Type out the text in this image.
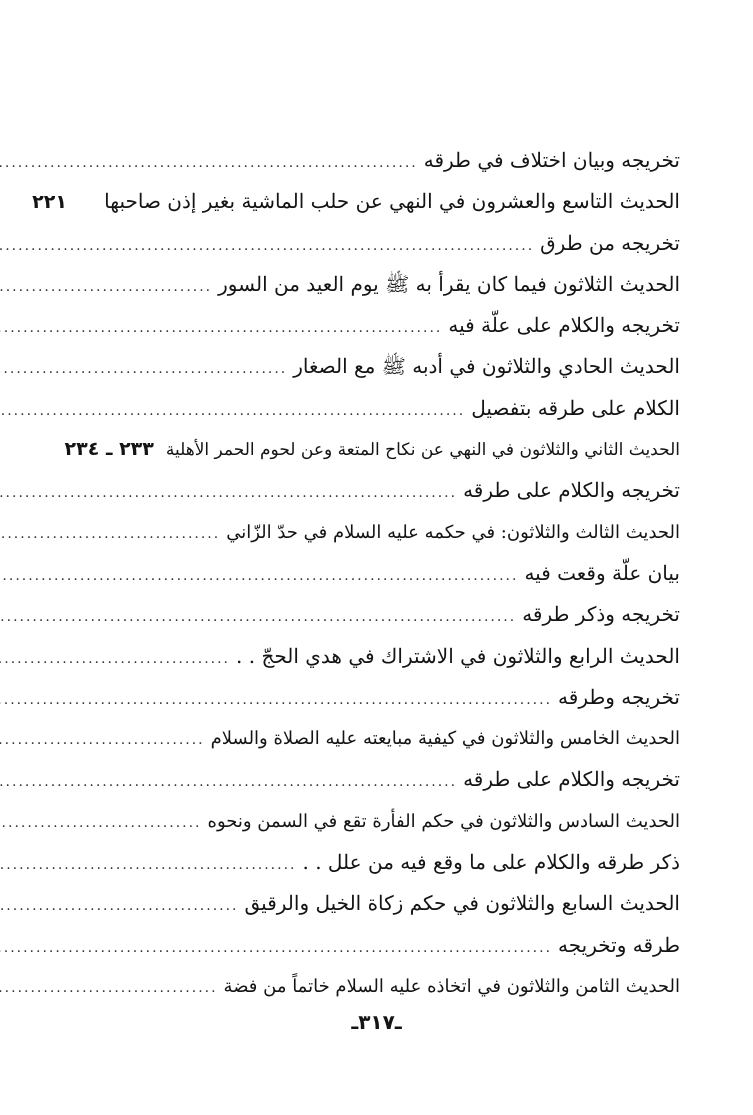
تخريجه وبيان اختلاف في طرقه
.....
الحديث التاسع والعشرون في النهي عن حلب الماشية بغير إذن صاحبها
٢٢١
تخريجه من طرق
.....
الحديث الثلاثون فيما كان يقرأ به ﷺ يوم العيد من السور
.....
تخريجه والكلام على علّة فيه
.....
الحديث الحادي والثلاثون في أدبه ﷺ مع الصغار
.....
الكلام على طرقه بتفصيل
.....
الحديث الثاني والثلاثون في النهي عن نكاح المتعة وعن لحوم الحمر الأهلية
٢٣٣ ـ ٢٣٤
تخريجه والكلام على طرقه
.....
الحديث الثالث والثلاثون: في حكمه عليه السلام في حدّ الزّاني
.....
بيان علّة وقعت فيه
.....
تخريجه وذكر طرقه
.....
الحديث الرابع والثلاثون في الاشتراك في هدي الحجّ . .
.....
تخريجه وطرقه
.....
الحديث الخامس والثلاثون في كيفية مبايعته عليه الصلاة والسلام
.....
تخريجه والكلام على طرقه
.....
الحديث السادس والثلاثون في حكم الفأرة تقع في السمن ونحوه
.....
ذكر طرقه والكلام على ما وقع فيه من علل . .
.....
الحديث السابع والثلاثون في حكم زكاة الخيل والرقيق
.....
طرقه وتخريجه
.....
الحديث الثامن والثلاثون في اتخاذه عليه السلام خاتماً من فضة
.....
ـ٣١٧ـ
